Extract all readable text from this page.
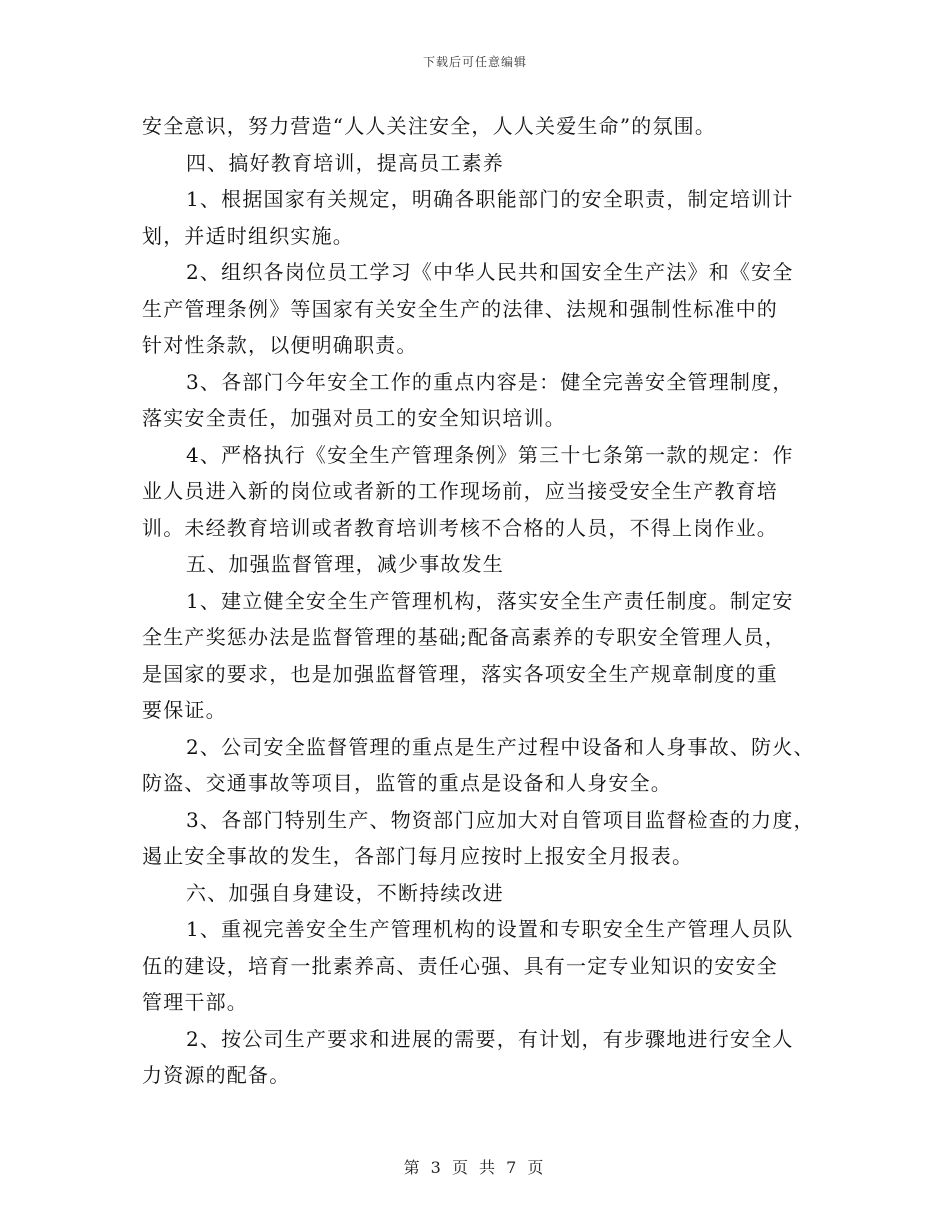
下载后可任意编辑
安全意识，努力营造“人人关注安全，人人关爱生命”的氛围。
四、搞好教育培训，提高员工素养
1、根据国家有关规定，明确各职能部门的安全职责，制定培训计
划，并适时组织实施。
2、组织各岗位员工学习《中华人民共和国安全生产法》和《安全
生产管理条例》等国家有关安全生产的法律、法规和强制性标准中的
针对性条款，以便明确职责。
3、各部门今年安全工作的重点内容是：健全完善安全管理制度，
落实安全责任，加强对员工的安全知识培训。
4、严格执行《安全生产管理条例》第三十七条第一款的规定：作
业人员进入新的岗位或者新的工作现场前，应当接受安全生产教育培
训。未经教育培训或者教育培训考核不合格的人员，不得上岗作业。
五、加强监督管理，减少事故发生
1、建立健全安全生产管理机构，落实安全生产责任制度。制定安
全生产奖惩办法是监督管理的基础;配备高素养的专职安全管理人员，
是国家的要求，也是加强监督管理，落实各项安全生产规章制度的重
要保证。
2、公司安全监督管理的重点是生产过程中设备和人身事故、防火、
防盗、交通事故等项目，监管的重点是设备和人身安全。
3、各部门特别生产、物资部门应加大对自管项目监督检查的力度，
遏止安全事故的发生，各部门每月应按时上报安全月报表。
六、加强自身建设，不断持续改进
1、重视完善安全生产管理机构的设置和专职安全生产管理人员队
伍的建设，培育一批素养高、责任心强、具有一定专业知识的安安全
管理干部。
2、按公司生产要求和进展的需要，有计划，有步骤地进行安全人
力资源的配备。
第 3 页 共 7 页
